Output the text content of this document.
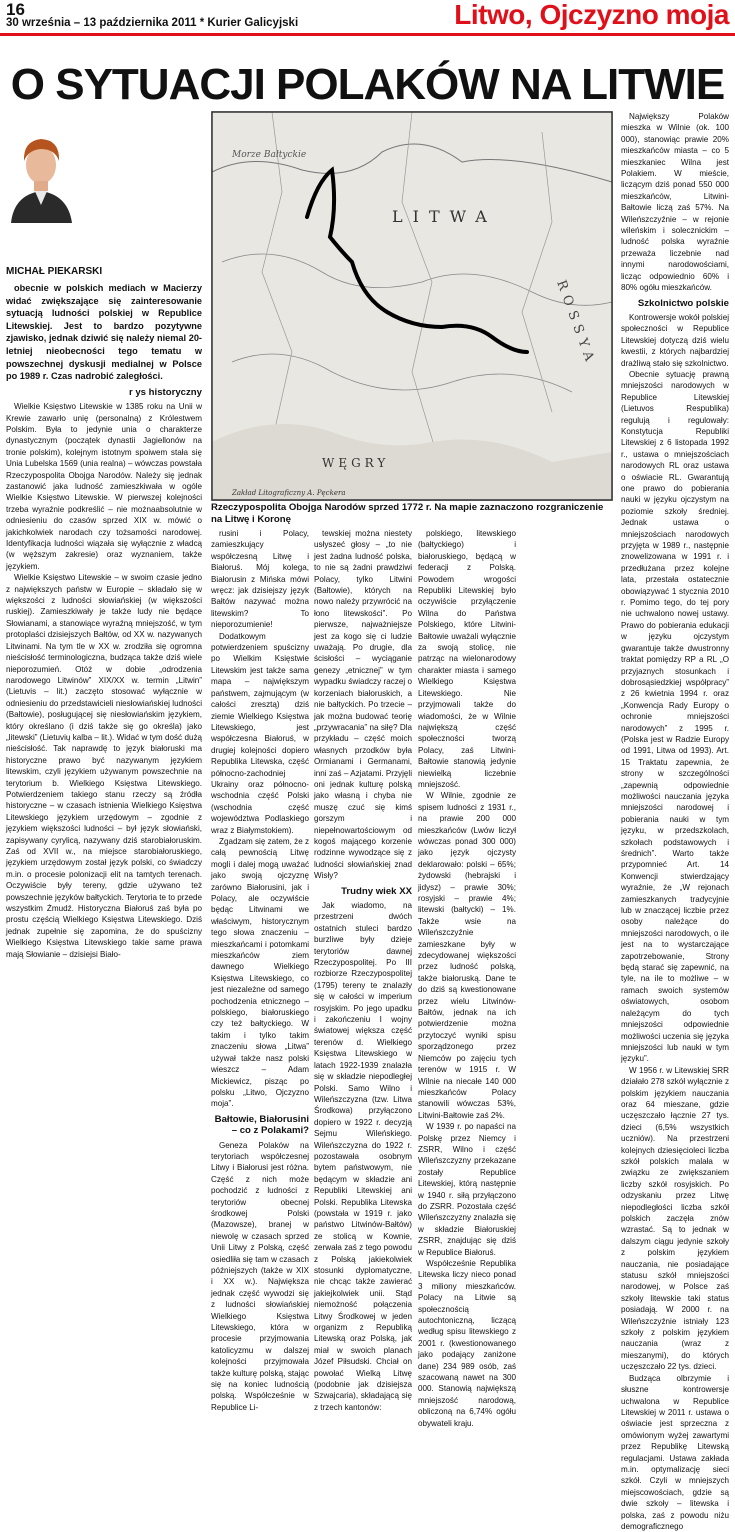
16
30 września – 13 października 2011 * Kurier Galicyjski	Litwo, Ojczyzno moja
O SYTUACJI POLAKÓW NA LITWIE
MICHAŁ PIEKARSKI

obecnie w polskich mediach w Macierzy widać zwiększające się zainteresowanie sytuacją ludności polskiej w Republice Litewskiej. Jest to bardzo pozytywne zjawisko, jednak dziwić się należy niemal 20-letniej nieobecności tego tematu w powszechnej dyskusji medialnej w Polsce po 1989 r. Czas nadrobić zaległości.

r ys historyczny

Wielkie Księstwo Litewskie w 1385 roku na Unii w Krewie zawarło unię (personalną) z Królestwem Polskim. Była to jedynie unia o charakterze dynastycznym (początek dynastii Jagiellonów na tronie polskim), kolejnym istotnym spoiwem stała się Unia Lubelska 1569 (unia realna) – wówczas powstała Rzeczypospolita Obojga Narodów. Należy się jednak zastanowić jaka ludność zamieszkiwała w ogóle Wielkie Księstwo Litewskie. W pierwszej kolejności trzeba wyraźnie podkreślić – nie możnaabsolutnie w odniesieniu do czasów sprzed XIX w. mówić o jakichkolwiek narodach czy tożsamości narodowej. Identyfikacja ludności wiązała się wyłącznie z władcą (w węższym zakresie) oraz wyznaniem, także językiem.

Wielkie Księstwo Litewskie – w swoim czasie jedno z największych państw w Europie – składało się w większości z ludności słowiańskiej (w większości ruskiej). Zamieszkiwały je także ludy nie będące Słowianami, a stanowiące wyraźną mniejszość, w tym protoplaści dzisiejszych Bałtów, od XX w. nazywanych Litwinami. Na tym tle w XX w. zrodziła się ogromna nieścisłość terminologiczna, budząca także dziś wiele nieporozumień. Otóż w dobie „odrodzenia narodowego Litwinów” XIX/XX w. termin „Litwin” (Lietuvis – lit.) zaczęto stosować wyłącznie w odniesieniu do przedstawicieli niesłowiańskiej ludności (Bałtowie), posługującej się niesłowiańskim językiem, który określano (i dziś także się go określa) jako „litewski” (Lietuvių kalba – lit.). Widać w tym dość dużą nieścisłość. Tak naprawdę to język białoruski ma historyczne prawo być nazywanym językiem litewskim, czyli językiem używanym powszechnie na terytorium b. Wielkiego Księstwa Litewskiego. Potwierdzeniem takiego stanu rzeczy są źródła historyczne – w czasach istnienia Wielkiego Księstwa Litewskiego językiem urzędowym – zgodnie z językiem większości ludności – był język słowiański, zapisywany cyrylicą, nazywany dziś starobiałoruskim. Zaś od XVII w., na miejsce starobiałoruskiego, językiem urzędowym został język polski, co świadczy m.in. o procesie polonizacji elit na tamtych terenach. Oczywiście były tereny, gdzie używano też powszechnie języków bałtyckich. Terytoria te to przede wszystkim Żmudź. Historyczna Białoruś zaś była po prostu częścią Wielkiego Księstwa Litewskiego. Dziś jednak zupełnie się zapomina, że do spuścizny Wielkiego Księstwa Litewskiego takie same prawa mają Słowianie – dzisiejsi Biało-

LITWA
ROSSYA
WĘGRY
Morze Bałtyckie
Zakład Litograficzny A. Pęckera
Rzeczypospolita Obojga Narodów sprzed 1772 r. Na mapie zaznaczono rozgraniczenie na Litwę i Koronę

rusini i Polacy, zamieszkujący współczesną Litwę i Białoruś. Mój kolega, Białorusin z Mińska mówi wręcz: jak dzisiejszy język Bałtów nazywać można litewskim? To nieporozumienie!

Dodatkowym potwierdzeniem spuścizny po Wielkim Księstwie Litewskim jest także sama mapa – największym państwem, zajmującym (w całości zresztą) dziś ziemie Wielkiego Księstwa Litewskiego, jest współczesna Białoruś, w drugiej kolejności dopiero Republika Litewska, część północno-zachodniej Ukrainy oraz północno-wschodnia część Polski (wschodnia część województwa Podlaskiego wraz z Białymstokiem).

Zgadzam się zatem, że z całą pewnością Litwę mogli i dalej mogą uważać jako swoją ojczyznę zarówno Białorusini, jak i Polacy, ale oczywiście będąc Litwinami we właściwym, historycznym tego słowa znaczeniu – mieszkańcami i potomkami mieszkańców ziem dawnego Wielkiego Księstwa Litewskiego, co jest niezależne od samego pochodzenia etnicznego – polskiego, białoruskiego czy też bałtyckiego. W takim i tylko takim znaczeniu słowa „Litwa” używał także nasz polski wieszcz – Adam Mickiewicz, pisząc po polsku „Litwo, Ojczyzno moja”.

Bałtowie, Białorusini – co z Polakami?

Geneza Polaków na terytoriach współczesnej Litwy i Białorusi jest różna. Część z nich może pochodzić z ludności z terytoriów obecnej środkowej Polski (Mazowsze), branej w niewolę w czasach sprzed Unii Litwy z Polską, część osiedliła się tam w czasach późniejszych (także w XIX i XX w.). Największa jednak część wywodzi się z ludności słowiańskiej Wielkiego Księstwa Litewskiego, która w procesie przyjmowania katolicyzmu w dalszej kolejności przyjmowała także kulturę polską, stając się na koniec ludnością polską. Współcześnie w Republice Li-

tewskiej można niestety usłyszeć głosy – „to nie jest żadna ludność polska, to nie są żadni prawdziwi Polacy, tylko Litwini (Bałtowie), których na nowo należy przywrócić na łono litewskości”. Po pierwsze, najważniejsze jest za kogo się ci ludzie uważają. Po drugie, dla ścisłości – wyciąganie genezy „etnicznej” w tym wypadku świadczy raczej o korzeniach białoruskich, a nie bałtyckich. Po trzecie – jak można budować teorię „przywracania” na siłę? Dla przykładu – część moich własnych przodków była Ormianami i Germanami, inni zaś – Azjatami. Przyjęli oni jednak kulturę polską jako własną i chyba nie muszę czuć się kimś gorszym i niepełnowartościowym od kogoś mającego korzenie rodzinne wywodzące się z ludności słowiańskiej znad Wisły?

Trudny wiek XX

Jak wiadomo, na przestrzeni dwóch ostatnich stuleci bardzo burzliwe były dzieje terytoriów dawnej Rzeczypospolitej. Po III rozbiorze Rzeczypospolitej (1795) tereny te znalazły się w całości w imperium rosyjskim. Po jego upadku i zakończeniu I wojny światowej większa część terenów d. Wielkiego Księstwa Litewskiego w latach 1922-1939 znalazła się w składzie niepodległej Polski. Samo Wilno i Wileńszczyzna (tzw. Litwa Środkowa) przyłączono dopiero w 1922 r. decyzją Sejmu Wileńskiego. Wileńszczyzna do 1922 r. pozostawała osobnym bytem państwowym, nie będącym w składzie ani Republiki Litewskiej ani Polski. Republika Litewska (powstała w 1919 r. jako państwo Litwinów-Bałtów) ze stolicą w Kownie, zerwała zaś z tego powodu z Polską jakiekolwiek stosunki dyplomatyczne, nie chcąc także zawierać jakiejkolwiek unii. Stąd niemożność połączenia Litwy Środkowej w jeden organizm z Republiką Litewską oraz Polską, jak miał w swoich planach Józef Piłsudski. Chciał on powołać Wielką Litwę (podobnie jak dzisiejsza Szwajcaria), składającą się z trzech kantonów:

polskiego, litewskiego (bałtyckiego) i białoruskiego, będącą w federacji z Polską. Powodem wrogości Republiki Litewskiej było oczywiście przyłączenie Wilna do Państwa Polskiego, które Litwini-Bałtowie uważali wyłącznie za swoją stolicę, nie patrząc na wielonarodowy charakter miasta i samego Wielkiego Księstwa Litewskiego. Nie przyjmowali także do wiadomości, że w Wilnie największą część społeczności tworzą Polacy, zaś Litwini-Bałtowie stanowią jedynie niewielką liczebnie mniejszość.

W Wilnie, zgodnie ze spisem ludności z 1931 r., na prawie 200 000 mieszkańców (Lwów liczył wówczas ponad 300 000) jako język ojczysty deklarowało: polski – 65%; żydowski (hebrajski i jidysz) – prawie 30%; rosyjski – prawie 4%; litewski (bałtycki) – 1%. Także wsie na Wileńszczyźnie zamieszkane były w zdecydowanej większości przez ludność polską, także białoruską. Dane te do dziś są kwestionowane przez wielu Litwinów-Bałtów, jednak na ich potwierdzenie można przytoczyć wyniki spisu sporządzonego przez Niemców po zajęciu tych terenów w 1915 r. W Wilnie na niecałe 140 000 mieszkańców Polacy stanowili wówczas 53%, Litwini-Bałtowie zaś 2%.

W 1939 r. po napaści na Polskę przez Niemcy i ZSRR, Wilno i część Wileńszczyzny przekazane zostały Republice Litewskiej, którą następnie w 1940 r. siłą przyłączono do ZSRR. Pozostała część Wileńszczyzny znalazła się w składzie Białoruskiej ZSRR, znajdując się dziś w Republice Białoruś.

Współcześnie Republika Litewska liczy nieco ponad 3 miliony mieszkańców. Polacy na Litwie są społecznością autochtoniczną, liczącą według spisu litewskiego z 2001 r. (kwestionowanego jako podający zaniżone dane) 234 989 osób, zaś szacowaną nawet na 300 000. Stanowią największą mniejszość narodową, obliczoną na 6,74% ogółu obywateli kraju.

Największy Polaków mieszka w Wilnie (ok. 100 000), stanowiąc prawie 20% mieszkańców miasta – co 5 mieszkaniec Wilna jest Polakiem. W mieście, liczącym dziś ponad 550 000 mieszkańców, Litwini-Bałtowie liczą zaś 57%. Na Wileńszczyźnie – w rejonie wileńskim i solecznickim – ludność polska wyraźnie przeważa liczebnie nad innymi narodowościami, licząc odpowiednio 60% i 80% ogółu mieszkańców.

Szkolnictwo polskie

Kontrowersje wokół polskiej społeczności w Republice Litewskiej dotyczą dziś wielu kwestii, z których najbardziej drażliwą stało się szkolnictwo.

Obecnie sytuację prawną mniejszości narodowych w Republice Litewskiej (Lietuvos Respublika) regulują i regulowały: Konstytucja Republiki Litewskiej z 6 listopada 1992 r., ustawa o mniejszościach narodowych RL oraz ustawa o oświacie RL. Gwarantują one prawo do pobierania nauki w języku ojczystym na poziomie szkoły średniej. Jednak ustawa o mniejszościach narodowych przyjęta w 1989 r., następnie znowelizowana w 1991 r. i przedłużana przez kolejne lata, przestała ostatecznie obowiązywać 1 stycznia 2010 r. Pomimo tego, do tej pory nie uchwalono nowej ustawy. Prawo do pobierania edukacji w języku ojczystym gwarantuje także dwustronny traktat pomiędzy RP a RL „O przyjaznych stosunkach i dobrosąsiedzkiej współpracy” z 26 kwietnia 1994 r. oraz „Konwencja Rady Europy o ochronie mniejszości narodowych” z 1995 r. (Polska jest w Radzie Europy od 1991, Litwa od 1993). Art. 15 Traktatu zapewnia, że strony w szczególności „zapewnią odpowiednie możliwości nauczania języka mniejszości narodowej i pobierania nauki w tym języku, w przedszkolach, szkołach podstawowych i średnich”. Warto także przypomnieć Art. 14 Konwencji stwierdzający wyraźnie, że „W rejonach zamieszkanych tradycyjnie lub w znaczącej liczbie przez osoby należące do mniejszości narodowych, o ile jest na to wystarczające zapotrzebowanie, Strony będą starać się zapewnić, na tyle, na ile to możliwe – w ramach swoich systemów oświatowych, osobom należącym do tych mniejszości odpowiednie możliwości uczenia się języka mniejszości lub nauki w tym języku”.

W 1956 r. w Litewskiej SRR działało 278 szkół wyłącznie z polskim językiem nauczania oraz 64 mieszane, gdzie uczęszczało łącznie 27 tys. dzieci (6,5% wszystkich uczniów). Na przestrzeni kolejnych dziesięcioleci liczba szkół polskich malała w związku ze zwiększaniem liczby szkół rosyjskich. Po odzyskaniu przez Litwę niepodległości liczba szkół polskich zaczęła znów wzrastać. Są to jednak w dalszym ciągu jedynie szkoły z polskim językiem nauczania, nie posiadające statusu szkół mniejszości narodowej, w Polsce zaś szkoły litewskie taki status posiadają. W 2000 r. na Wileńszczyźnie istniały 123 szkoły z polskim językiem nauczania (wraz z mieszanymi), do których uczęszczało 22 tys. dzieci.

Budząca olbrzymie i słuszne kontrowersje uchwalona w Republice Litewskiej w 2011 r. ustawa o oświacie jest sprzeczna z omówionym wyżej zawartymi przez Republikę Litewską regulacjami. Ustawa zakłada m.in. optymalizację sieci szkół. Czyli w mniejszych miejscowościach, gdzie są dwie szkoły – litewska i polska, zaś z powodu niżu demograficznego
